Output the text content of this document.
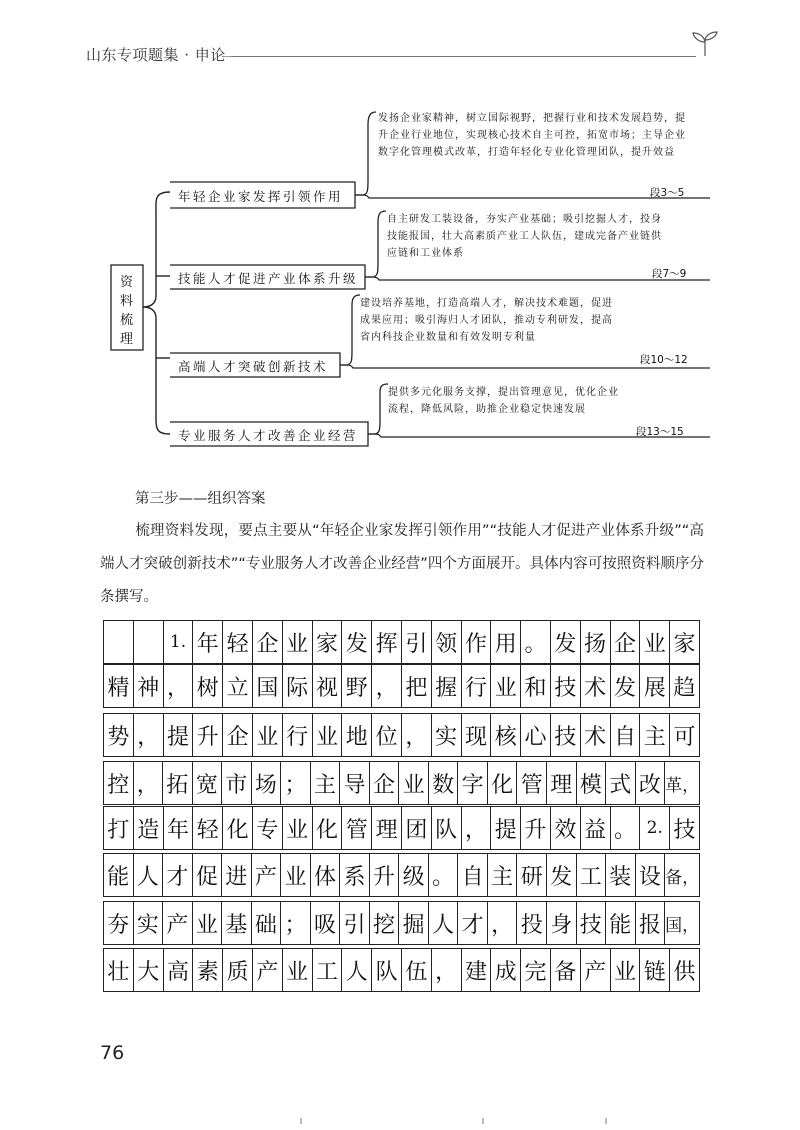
山东专项题集 · 申论
资
料
梳
理
年轻企业家发挥引领作用
技能人才促进产业体系升级
高端人才突破创新技术
专业服务人才改善企业经营
发扬企业家精神，树立国际视野，把握行业和技术发展趋势，提升企业行业地位，实现核心技术自主可控，拓宽市场；主导企业数字化管理模式改革，打造年轻化专业化管理团队，提升效益
自主研发工装设备，夯实产业基础；吸引挖掘人才，投身技能报国，壮大高素质产业工人队伍，建成完备产业链供应链和工业体系
建设培养基地，打造高端人才，解决技术难题，促进成果应用；吸引海归人才团队，推动专利研发，提高省内科技企业数量和有效发明专利量
提供多元化服务支撑，提出管理意见，优化企业流程，降低风险，助推企业稳定快速发展
段3～5
段7～9
段10～12
段13～15
第三步——组织答案
梳理资料发现，要点主要从“年轻企业家发挥引领作用”“技能人才促进产业体系升级”“高端人才突破创新技术”“专业服务人才改善企业经营”四个方面展开。具体内容可按照资料顺序分条撰写。
1. 年 轻 企 业 家 发 挥 引 领 作 用 。 发 扬 企 业 家
精 神 ， 树 立 国 际 视 野 ， 把 握 行 业 和 技 术 发 展 趋
势 ， 提 升 企 业 行 业 地 位 ， 实 现 核 心 技 术 自 主 可
控 ， 拓 宽 市 场 ； 主 导 企 业 数 字 化 管 理 模 式 改 革，
打 造 年 轻 化 专 业 化 管 理 团 队 ， 提 升 效 益 。 2. 技
能 人 才 促 进 产 业 体 系 升 级 。 自 主 研 发 工 装 设 备，
夯 实 产 业 基 础 ； 吸 引 挖 掘 人 才 ， 投 身 技 能 报 国，
壮 大 高 素 质 产 业 工 人 队 伍 ， 建 成 完 备 产 业 链 供
76
